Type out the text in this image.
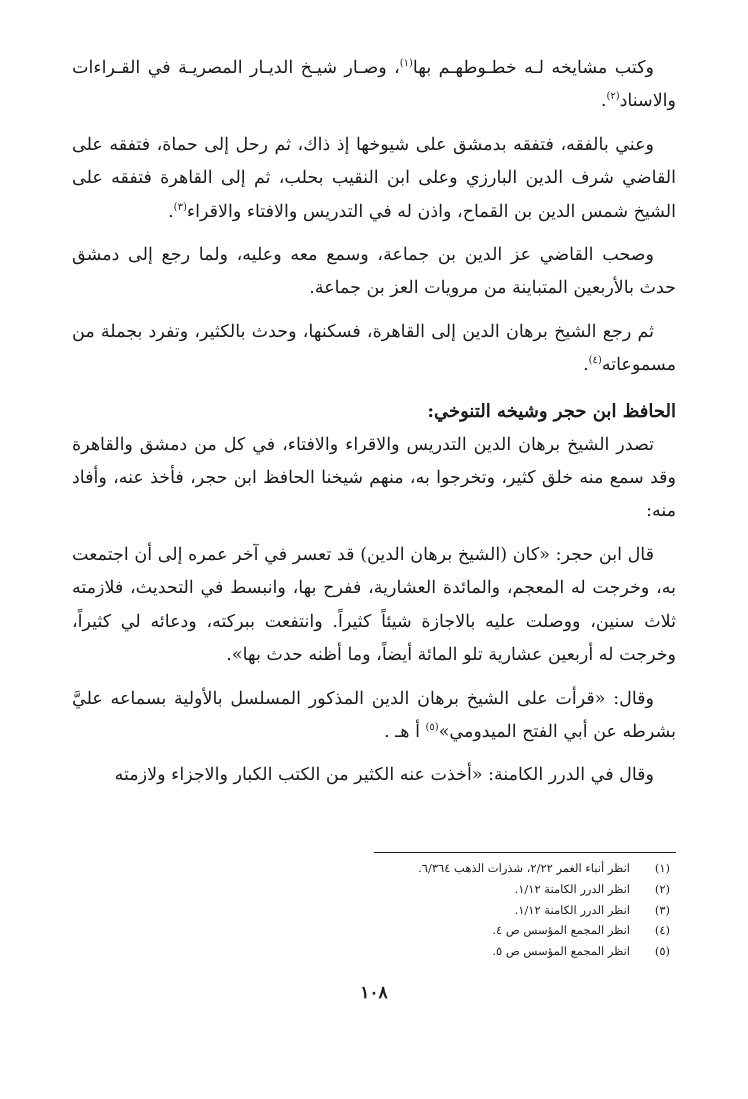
وكتب مشايخه لـه خطـوطهـم بها$^{(١)}$، وصـار شيـخ الديـار المصريـة في القـراءات والاسناد$^{(٢)}$.

وعني بالفقه، فتفقه بدمشق على شيوخها إذ ذاك، ثم رحل إلى حماة، فتفقه على القاضي شرف الدين البارزي وعلى ابن النقيب بحلب، ثم إلى القاهرة فتفقه على الشيخ شمس الدين بن القماح، واذن له في التدريس والافتاء والاقراء$^{(٣)}$.

وصحب القاضي عز الدين بن جماعة، وسمع معه وعليه، ولما رجع إلى دمشق حدث بالأربعين المتباينة من مرويات العز بن جماعة.

ثم رجع الشيخ برهان الدين إلى القاهرة، فسكنها، وحدث بالكثير، وتفرد بجملة من مسموعاته$^{(٤)}$.

الحافظ ابن حجر وشيخه التنوخي:

تصدر الشيخ برهان الدين التدريس والاقراء والافتاء، في كل من دمشق والقاهرة وقد سمع منه خلق كثير، وتخرجوا به، منهم شيخنا الحافظ ابن حجر، فأخذ عنه، وأفاد منه:

قال ابن حجر: «كان (الشيخ برهان الدين) قد تعسر في آخر عمره إلى أن اجتمعت به، وخرجت له المعجم، والمائدة العشارية، ففرح بها، وانبسط في التحديث، فلازمته ثلاث سنين، ووصلت عليه بالاجازة شيئاً كثيراً. وانتفعت ببركته، ودعائه لي كثيراً، وخرجت له أربعين عشارية تلو المائة أيضاً، وما أظنه حدث بها».

وقال: «قرأت على الشيخ برهان الدين المذكور المسلسل بالأولية بسماعه عليَّ بشرطه عن أبي الفتح الميدومي»$^{(٥)}$ أ هـ .

وقال في الدرر الكامنة: «أخذت عنه الكثير من الكتب الكبار والاجزاء ولازمته

(١)
انظر أنباء الغمر ٢/٢٢، شذرات الذهب ٦/٣٦٤.
(٢)
انظر الدرر الكامنة ١/١٢.
(٣)
انظر الدرر الكامنة ١/١٢.
(٤)
انظر المجمع المؤسس ص ٤.
(٥)
انظر المجمع المؤسس ص ٥.
١٠٨
